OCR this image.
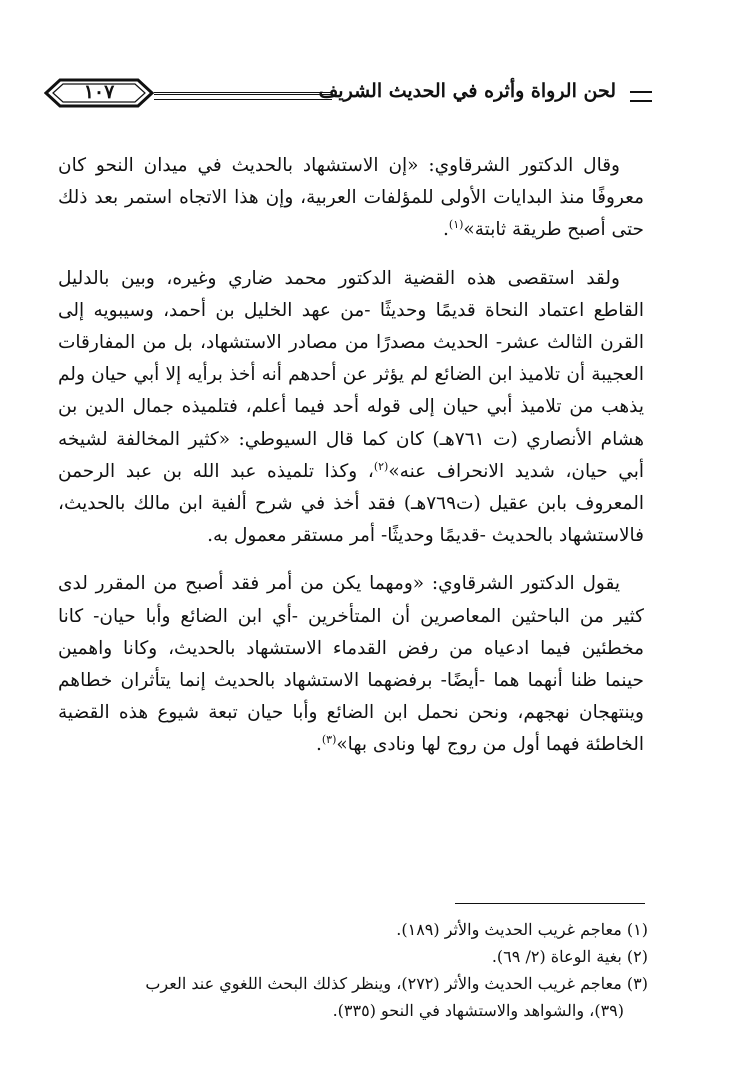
١٠٧	لحن الرواة وأثره في الحديث الشريف

وقال الدكتور الشرقاوي: «إن الاستشهاد بالحديث في ميدان النحو كان معروفًا منذ البدايات الأولى للمؤلفات العربية، وإن هذا الاتجاه استمر بعد ذلك حتى أصبح طريقة ثابتة»$^{(١)}$.

ولقد استقصى هذه القضية الدكتور محمد ضاري وغيره، وبين بالدليل القاطع اعتماد النحاة قديمًا وحديثًا -من عهد الخليل بن أحمد، وسيبويه إلى القرن الثالث عشر- الحديث مصدرًا من مصادر الاستشهاد، بل من المفارقات العجيبة أن تلاميذ ابن الضائع لم يؤثر عن أحدهم أنه أخذ برأيه إلا أبي حيان ولم يذهب من تلاميذ أبي حيان إلى قوله أحد فيما أعلم، فتلميذه جمال الدين بن هشام الأنصاري (ت ٧٦١هـ) كان كما قال السيوطي: «كثير المخالفة لشيخه أبي حيان، شديد الانحراف عنه»$^{(٢)}$، وكذا تلميذه عبد الله بن عبد الرحمن المعروف بابن عقيل (ت٧٦٩هـ) فقد أخذ في شرح ألفية ابن مالك بالحديث، فالاستشهاد بالحديث -قديمًا وحديثًا- أمر مستقر معمول به.

يقول الدكتور الشرقاوي: «ومهما يكن من أمر فقد أصبح من المقرر لدى كثير من الباحثين المعاصرين أن المتأخرين -أي ابن الضائع وأبا حيان- كانا مخطئين فيما ادعياه من رفض القدماء الاستشهاد بالحديث، وكانا واهمين حينما ظنا أنهما هما -أيضًا- برفضهما الاستشهاد بالحديث إنما يتأثران خطاهم وينتهجان نهجهم، ونحن نحمل ابن الضائع وأبا حيان تبعة شيوع هذه القضية الخاطئة فهما أول من روج لها ونادى بها»$^{(٣)}$.

(١) معاجم غريب الحديث والأثر (١٨٩).

(٢) بغية الوعاة (٢/ ٦٩).

(٣) معاجم غريب الحديث والأثر (٢٧٢)، وينظر كذلك البحث اللغوي عند العرب

(٣٩)، والشواهد والاستشهاد في النحو (٣٣٥).
